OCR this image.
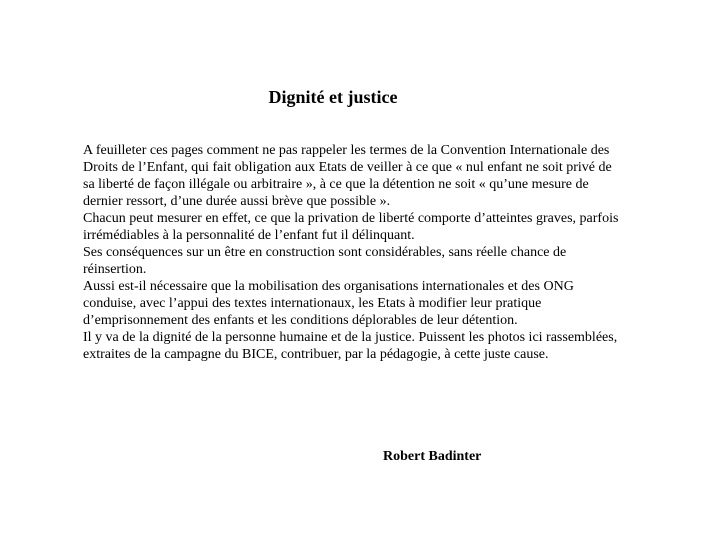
Dignité et justice

A feuilleter ces pages comment ne pas rappeler les termes de la Convention Internationale des Droits de l’Enfant, qui fait obligation aux Etats de veiller à ce que « nul enfant ne soit privé de sa liberté de façon illégale ou arbitraire », à ce que la détention ne soit « qu’une mesure de dernier ressort, d’une durée aussi brève que possible ».

Chacun peut mesurer en effet, ce que la privation de liberté comporte d’atteintes graves, parfois irrémédiables à la personnalité de l’enfant fut il délinquant.

Ses conséquences sur un être en construction sont considérables, sans réelle chance de réinsertion.

Aussi est-il nécessaire que la mobilisation des organisations internationales et des ONG conduise, avec l’appui des textes internationaux, les Etats à modifier leur pratique d’emprisonnement des enfants et les conditions déplorables de leur détention.

Il y va de la dignité de la personne humaine et de la justice. Puissent les photos ici rassemblées, extraites de la campagne du BICE, contribuer, par la pédagogie, à cette juste cause.

Robert Badinter
